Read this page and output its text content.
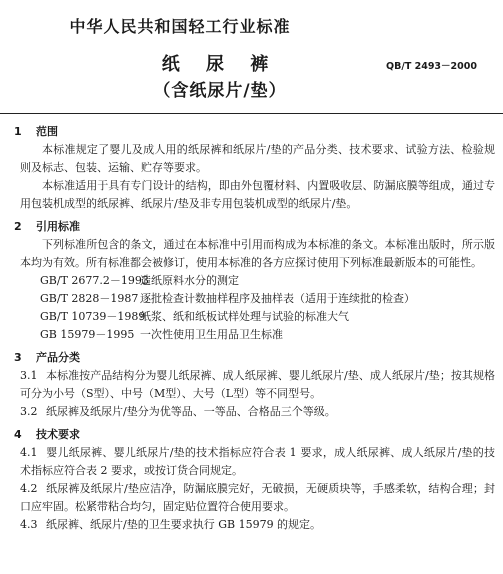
中华人民共和国轻工行业标准
纸 尿 裤	QB/T 2493－2000
（含纸尿片/垫）
1 范围

本标准规定了婴儿及成人用的纸尿裤和纸尿片/垫的产品分类、技术要求、试验方法、检验规则及标志、包装、运输、贮存等要求。

本标准适用于具有专门设计的结构，即由外包覆材料、内置吸收层、防漏底膜等组成，通过专用包装机成型的纸尿裤、纸尿片/垫及非专用包装机成型的纸尿片/垫。

2 引用标准

下列标准所包含的条文，通过在本标准中引用而构成为本标准的条文。本标准出版时，所示版本均为有效。所有标准都会被修订，使用本标准的各方应探讨使用下列标准最新版本的可能性。

GB/T 2677.2－1993造纸原料水分的测定

GB/T 2828－1987 逐批检查计数抽样程序及抽样表（适用于连续批的检查）

GB/T 10739－1989纸浆、纸和纸板试样处理与试验的标准大气

GB 15979－1995 一次性使用卫生用品卫生标准

3 产品分类

3.1 本标准按产品结构分为婴儿纸尿裤、成人纸尿裤、婴儿纸尿片/垫、成人纸尿片/垫；按其规格可分为小号（S型）、中号（M型）、大号（L型）等不同型号。

3.2 纸尿裤及纸尿片/垫分为优等品、一等品、合格品三个等级。

4 技术要求

4.1 婴儿纸尿裤、婴儿纸尿片/垫的技术指标应符合表 1 要求，成人纸尿裤、成人纸尿片/垫的技术指标应符合表 2 要求，或按订货合同规定。

4.2 纸尿裤及纸尿片/垫应洁净，防漏底膜完好，无破损，无硬质块等，手感柔软，结构合理；封口应牢固。松紧带粘合均匀，固定贴位置符合使用要求。

4.3 纸尿裤、纸尿片/垫的卫生要求执行 GB 15979 的规定。
